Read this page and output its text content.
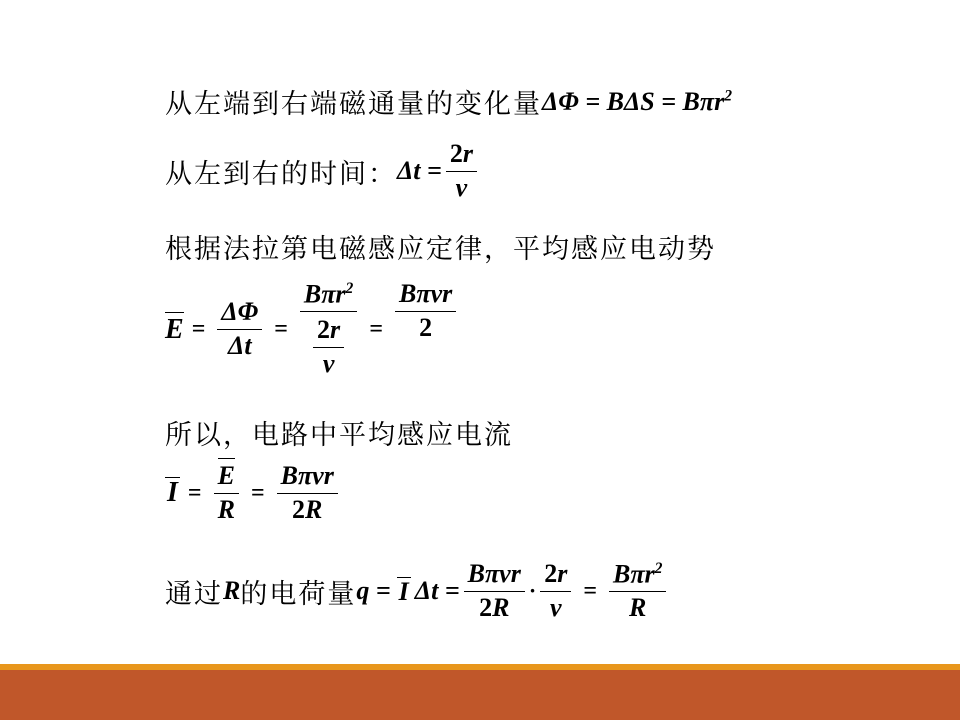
从左端到右端磁通量的变化量 ΔΦ = BΔS = Bπr$^2$
从左到右的时间： $\Delta t = \frac{2r}{v}$
根据法拉第电磁感应定律，平均感应电动势
$E = \frac{\Delta\Phi}{\Delta t} = \frac{B\pi r^2}{\frac{2r}{v}} = \frac{\text{Bπvr}}{2}$
所以，电路中平均感应电流
$I = \frac{E}{R} = \frac{\text{Bπvr}}{2R}$
通过 R 的电荷量 q = I $\Delta t = \frac{\text{Bπvr}}{2R} \cdot \frac{2r}{v} = \frac{B\pi r^2}{R}$
